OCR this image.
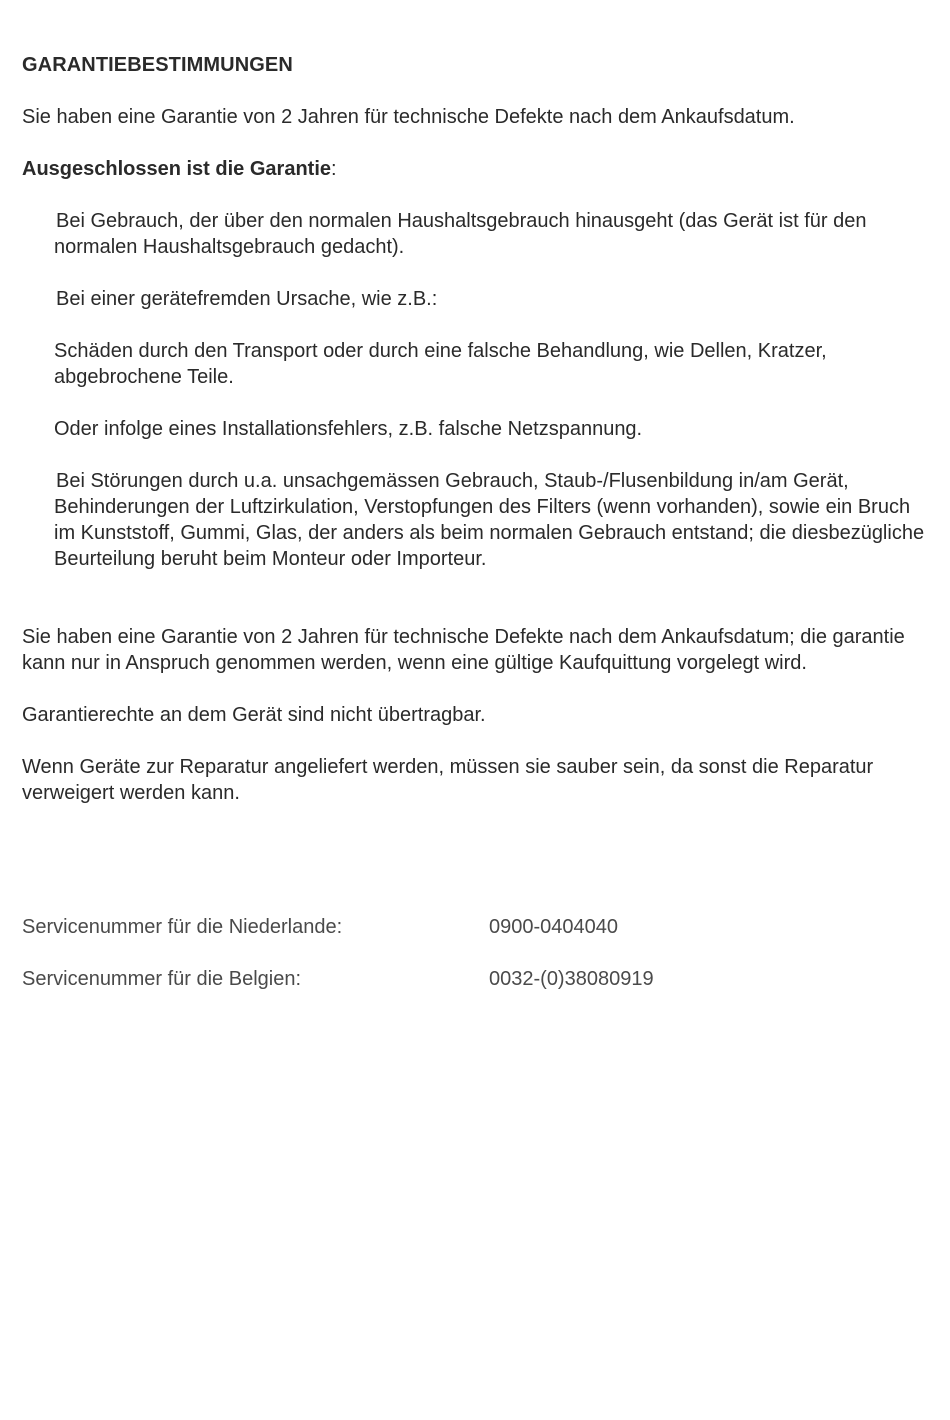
GARANTIEBESTIMMUNGEN

Sie haben eine Garantie von 2 Jahren für technische Defekte nach dem Ankaufsdatum.

Ausgeschlossen ist die Garantie:

Bei Gebrauch, der über den normalen Haushaltsgebrauch hinausgeht (das Gerät ist für den normalen Haushaltsgebrauch gedacht).

Bei einer gerätefremden Ursache, wie z.B.:

Schäden durch den Transport oder durch eine falsche Behandlung, wie Dellen, Kratzer, abgebrochene Teile.

Oder infolge eines Installationsfehlers, z.B. falsche Netzspannung.

Bei Störungen durch u.a. unsachgemässen Gebrauch, Staub-/Flusenbildung in/am Gerät, Behinderungen der Luftzirkulation, Verstopfungen des Filters (wenn vorhanden), sowie ein Bruch im Kunststoff, Gummi, Glas, der anders als beim normalen Gebrauch entstand; die diesbezügliche Beurteilung beruht beim Monteur oder Importeur.

Sie haben eine Garantie von 2 Jahren für technische Defekte nach dem Ankaufsdatum; die garantie kann nur in Anspruch genommen werden, wenn eine gültige Kaufquittung vorgelegt wird.

Garantierechte an dem Gerät sind nicht übertragbar.

Wenn Geräte zur Reparatur angeliefert werden, müssen sie sauber sein, da sonst die Reparatur verweigert werden kann.

Servicenummer für die Niederlande:	0900-0404040
Servicenummer für die Belgien:	0032-(0)38080919
